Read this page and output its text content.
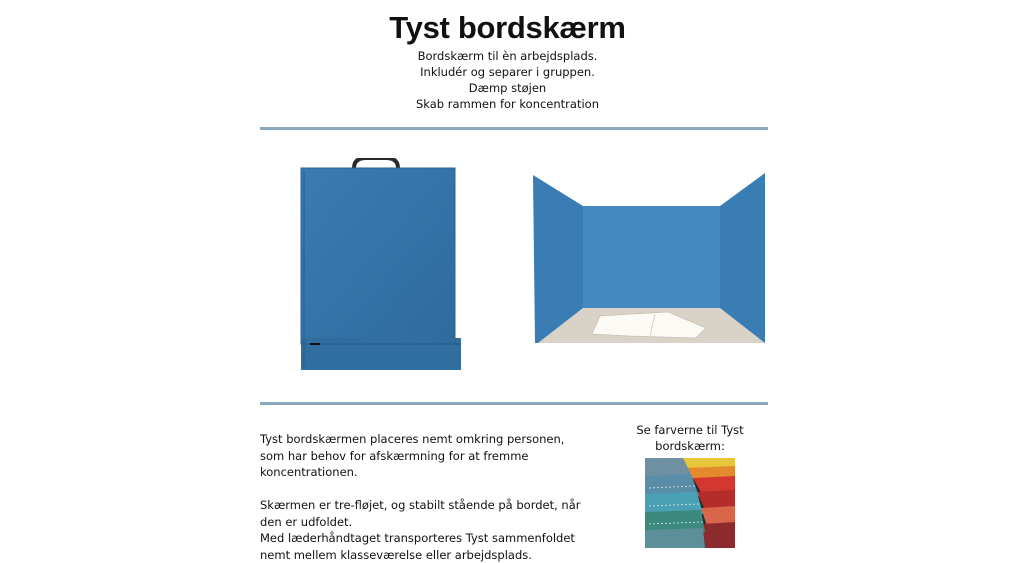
Tyst bordskærm

Bordskærm til èn arbejdsplads.

Inkludér og separer i gruppen.

Dæmp støjen

Skab rammen for koncentration

Tyst bordskærmen placeres nemt omkring personen, som har behov for afskærmning for at fremme koncentrationen.

Skærmen er tre-fløjet, og stabilt stående på bordet, når den er udfoldet.

Med læderhåndtaget transporteres Tyst sammenfoldet nemt mellem klasseværelse eller arbejdsplads.

Se farverne til Tyst bordskærm:
